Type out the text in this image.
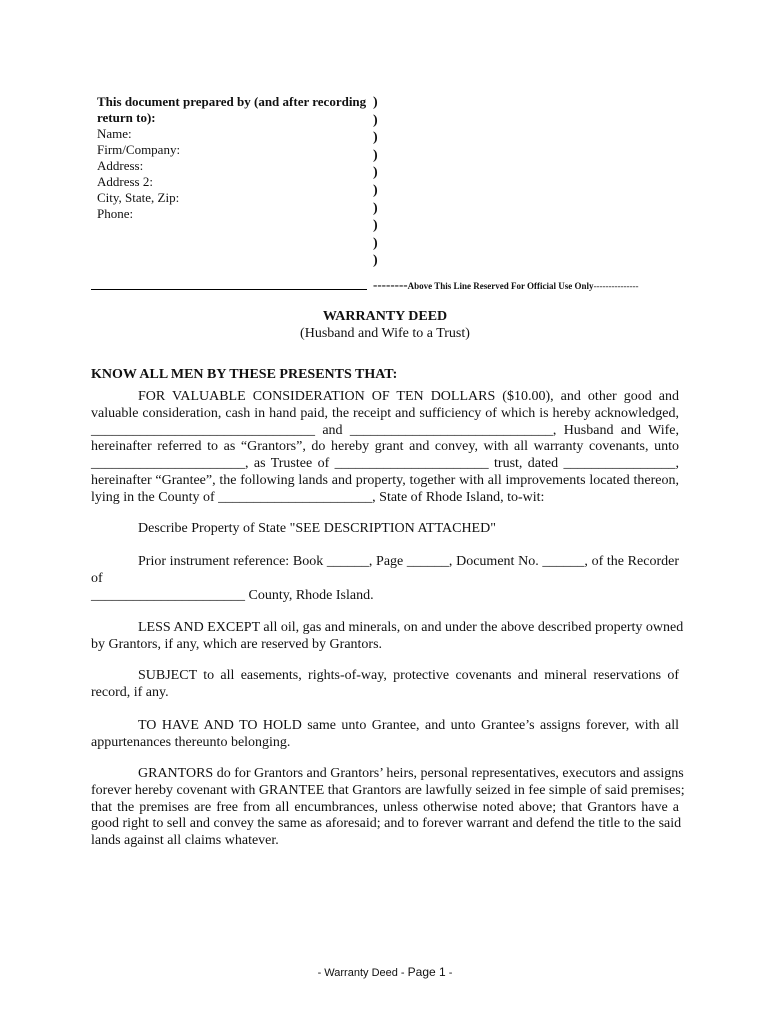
This document prepared by (and after recording
return to):
Name:
Firm/Company:
Address:
Address 2:
City, State, Zip:
Phone:
)
)
)
)
)
)
)
)
)
)
--------Above This Line Reserved For Official Use Only---------------
WARRANTY DEED
(Husband and Wife to a Trust)
KNOW ALL MEN BY THESE PRESENTS THAT:
FOR VALUABLE CONSIDERATION OF TEN DOLLARS ($10.00), and other good and
valuable consideration, cash in hand paid, the receipt and sufficiency of which is hereby acknowledged,
________________________________ and _____________________________, Husband and Wife,
hereinafter referred to as “Grantors”, do hereby grant and convey, with all warranty covenants, unto
______________________, as Trustee of ______________________ trust, dated ________________,
hereinafter “Grantee”, the following lands and property, together with all improvements located thereon,
lying in the County of ______________________, State of Rhode Island, to-wit:
Describe Property of State "SEE DESCRIPTION ATTACHED"
Prior instrument reference: Book ______, Page ______, Document No. ______, of the Recorder
of
______________________ County, Rhode Island.
LESS AND EXCEPT all oil, gas and minerals, on and under the above described property owned
by Grantors, if any, which are reserved by Grantors.
SUBJECT to all easements, rights-of-way, protective covenants and mineral reservations of
record, if any.
TO HAVE AND TO HOLD same unto Grantee, and unto Grantee’s assigns forever, with all
appurtenances thereunto belonging.
GRANTORS do for Grantors and Grantors’ heirs, personal representatives, executors and assigns
forever hereby covenant with GRANTEE that Grantors are lawfully seized in fee simple of said premises;
that the premises are free from all encumbrances, unless otherwise noted above; that Grantors have a
good right to sell and convey the same as aforesaid; and to forever warrant and defend the title to the said
lands against all claims whatever.
- Warranty Deed - Page 1 -
